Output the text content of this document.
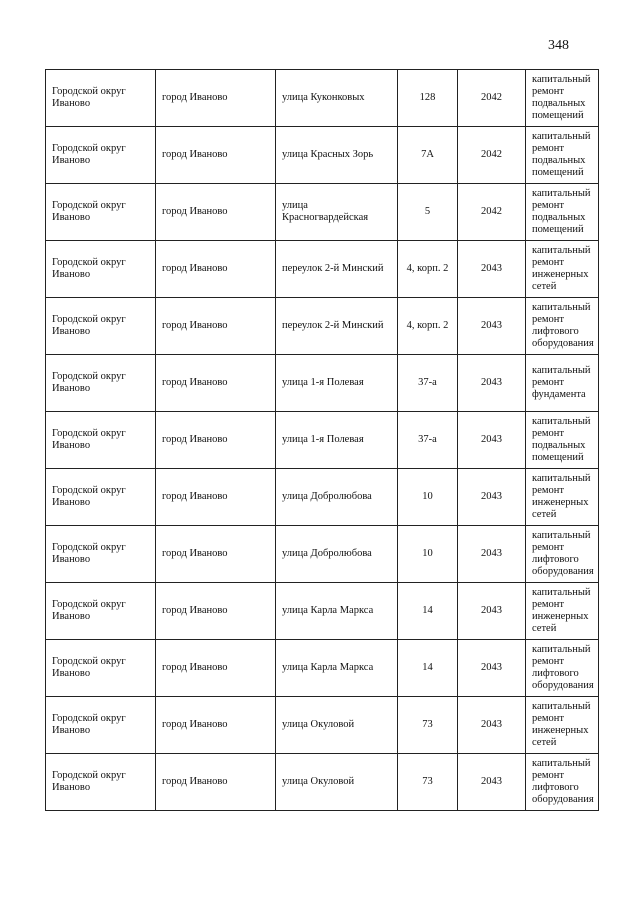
348
Городской округ Иваново	город Иваново	улица Куконковых	128	2042	капитальный ремонт подвальных помещений
Городской округ Иваново	город Иваново	улица Красных Зорь	7А	2042	капитальный ремонт подвальных помещений
Городской округ Иваново	город Иваново	улица Красногвардейская	5	2042	капитальный ремонт подвальных помещений
Городской округ Иваново	город Иваново	переулок 2-й Минский	4, корп. 2	2043	капитальный ремонт инженерных сетей
Городской округ Иваново	город Иваново	переулок 2-й Минский	4, корп. 2	2043	капитальный ремонт лифтового оборудования
Городской округ Иваново	город Иваново	улица 1-я Полевая	37-а	2043	капитальный ремонт фундамента
Городской округ Иваново	город Иваново	улица 1-я Полевая	37-а	2043	капитальный ремонт подвальных помещений
Городской округ Иваново	город Иваново	улица Добролюбова	10	2043	капитальный ремонт инженерных сетей
Городской округ Иваново	город Иваново	улица Добролюбова	10	2043	капитальный ремонт лифтового оборудования
Городской округ Иваново	город Иваново	улица Карла Маркса	14	2043	капитальный ремонт инженерных сетей
Городской округ Иваново	город Иваново	улица Карла Маркса	14	2043	капитальный ремонт лифтового оборудования
Городской округ Иваново	город Иваново	улица Окуловой	73	2043	капитальный ремонт инженерных сетей
Городской округ Иваново	город Иваново	улица Окуловой	73	2043	капитальный ремонт лифтового оборудования
